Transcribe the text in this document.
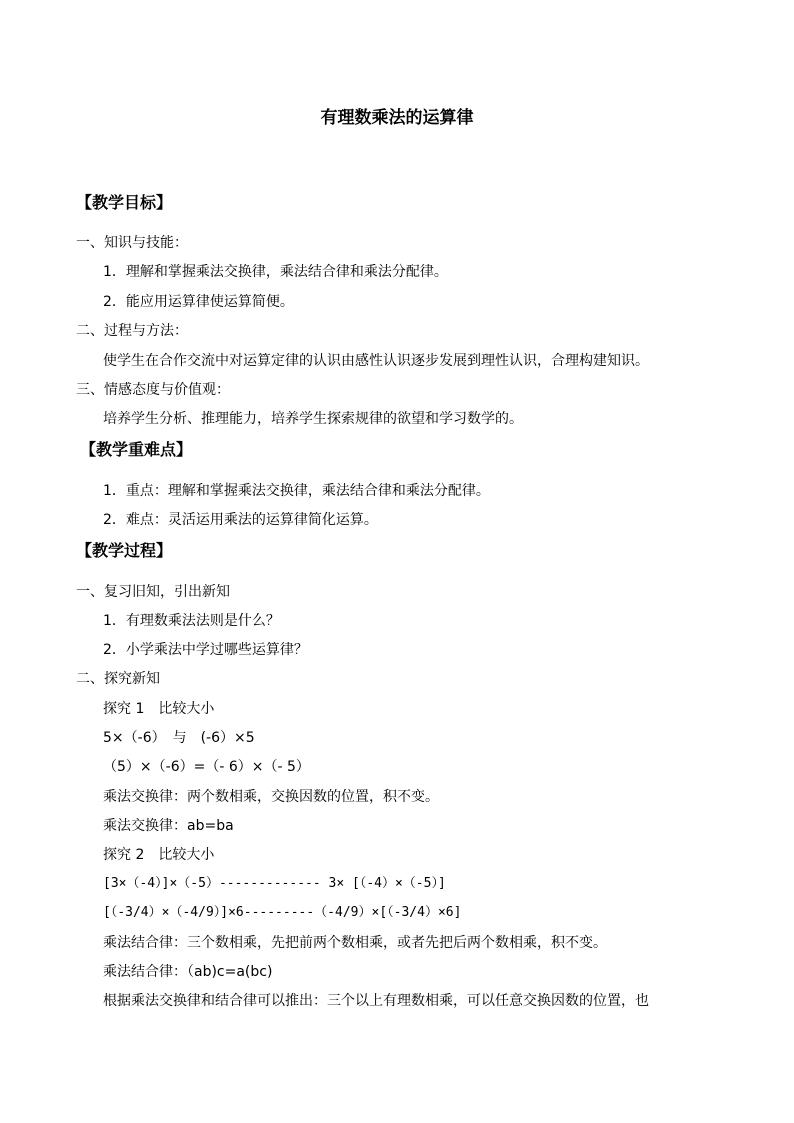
有理数乘法的运算律
【教学目标】
一、知识与技能：
1．理解和掌握乘法交换律，乘法结合律和乘法分配律。
2．能应用运算律使运算简便。
二、过程与方法：
使学生在合作交流中对运算定律的认识由感性认识逐步发展到理性认识，合理构建知识。
三、情感态度与价值观：
培养学生分析、推理能力，培养学生探索规律的欲望和学习数学的。
【教学重难点】
1．重点：理解和掌握乘法交换律，乘法结合律和乘法分配律。
2．难点：灵活运用乘法的运算律简化运算。
【教学过程】
一、复习旧知，引出新知
1．有理数乘法法则是什么？
2．小学乘法中学过哪些运算律？
二、探究新知
探究 1　比较大小
5×（-6）　与　(-6）×5
（5）×（-6）=（- 6）×（- 5）
乘法交换律：两个数相乘，交换因数的位置，积不变。
乘法交换律：ab=ba
探究 2　比较大小
[3×（-4）]×（-5）------------- 3× [（-4）×（-5）]
[（-3/4）×（-4/9）]×6---------（-4/9）×[（-3/4）×6]
乘法结合律：三个数相乘，先把前两个数相乘，或者先把后两个数相乘，积不变。
乘法结合律：（ab)c=a(bc)
根据乘法交换律和结合律可以推出：三个以上有理数相乘，可以任意交换因数的位置，也
